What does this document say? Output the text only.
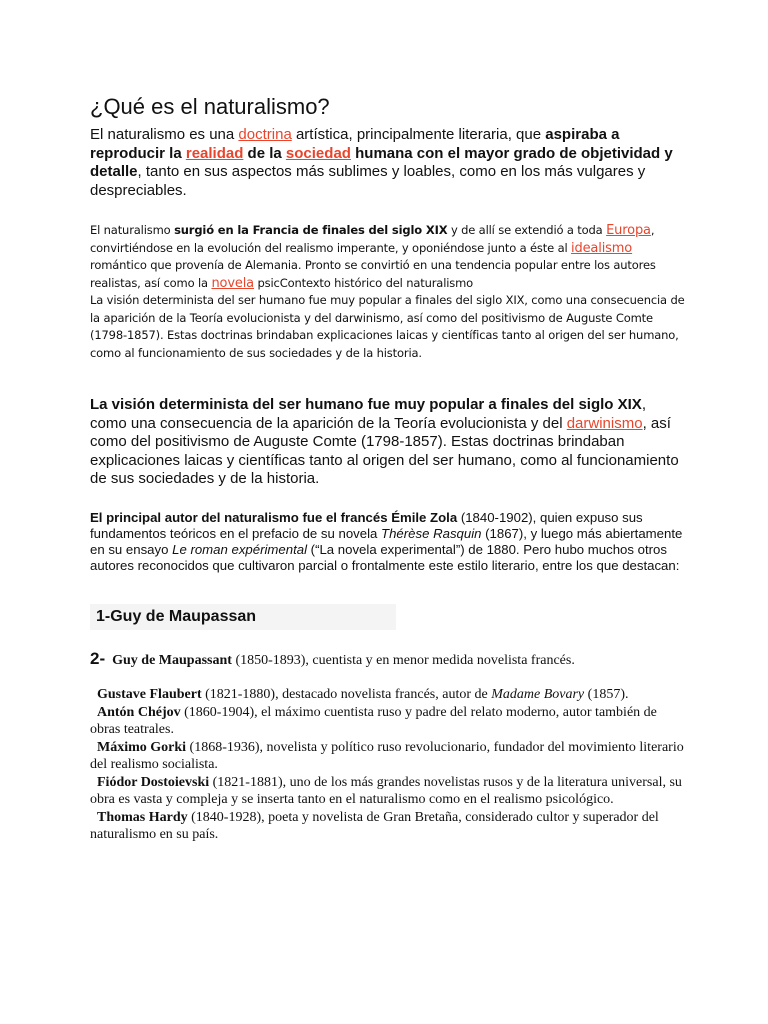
¿Qué es el naturalismo?

El naturalismo es una doctrina artística, principalmente literaria, que aspiraba a reproducir la realidad de la sociedad humana con el mayor grado de objetividad y detalle, tanto en sus aspectos más sublimes y loables, como en los más vulgares y despreciables.

El naturalismo surgió en la Francia de finales del siglo XIX y de allí se extendió a toda Europa, convirtiéndose en la evolución del realismo imperante, y oponiéndose junto a éste al idealismo romántico que provenía de Alemania. Pronto se convirtió en una tendencia popular entre los autores realistas, así como la novela psicContexto histórico del naturalismo
La visión determinista del ser humano fue muy popular a finales del siglo XIX, como una consecuencia de la aparición de la Teoría evolucionista y del darwinismo, así como del positivismo de Auguste Comte (1798-1857). Estas doctrinas brindaban explicaciones laicas y científicas tanto al origen del ser humano, como al funcionamiento de sus sociedades y de la historia.

La visión determinista del ser humano fue muy popular a finales del siglo XIX, como una consecuencia de la aparición de la Teoría evolucionista y del darwinismo, así como del positivismo de Auguste Comte (1798-1857). Estas doctrinas brindaban explicaciones laicas y científicas tanto al origen del ser humano, como al funcionamiento de sus sociedades y de la historia.

El principal autor del naturalismo fue el francés Émile Zola (1840-1902), quien expuso sus fundamentos teóricos en el prefacio de su novela Thérèse Rasquin (1867), y luego más abiertamente en su ensayo Le roman expérimental (“La novela experimental”) de 1880. Pero hubo muchos otros autores reconocidos que cultivaron parcial o frontalmente este estilo literario, entre los que destacan:

1-Guy de Maupassan

2- Guy de Maupassant (1850-1893), cuentista y en menor medida novelista francés.

Gustave Flaubert (1821-1880), destacado novelista francés, autor de Madame Bovary (1857).
Antón Chéjov (1860-1904), el máximo cuentista ruso y padre del relato moderno, autor también de obras teatrales.
Máximo Gorki (1868-1936), novelista y político ruso revolucionario, fundador del movimiento literario del realismo socialista.
Fiódor Dostoievski (1821-1881), uno de los más grandes novelistas rusos y de la literatura universal, su obra es vasta y compleja y se inserta tanto en el naturalismo como en el realismo psicológico.
Thomas Hardy (1840-1928), poeta y novelista de Gran Bretaña, considerado cultor y superador del naturalismo en su país.
